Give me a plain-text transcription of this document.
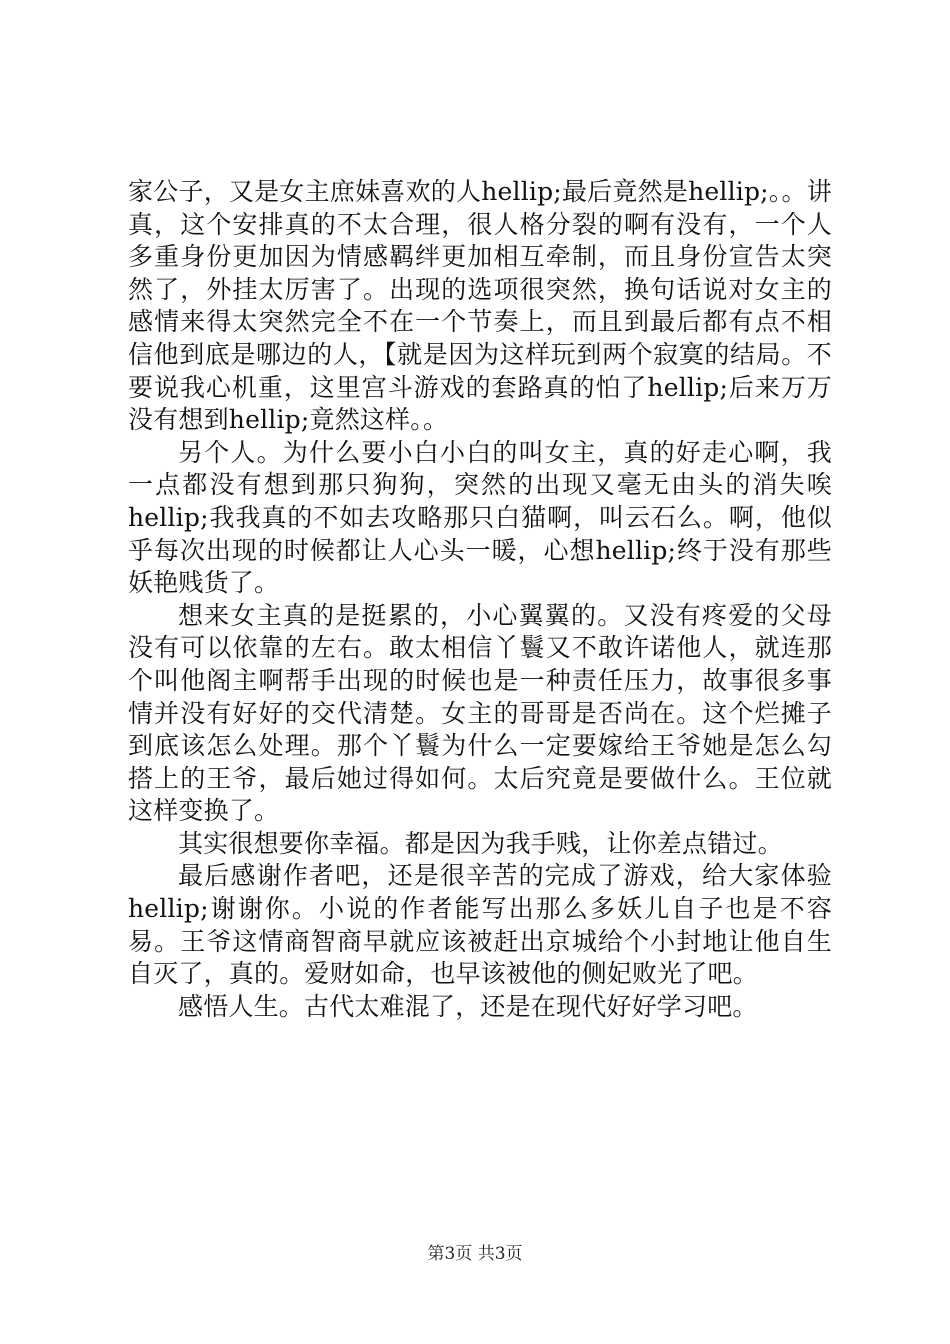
家公子，又是女主庶妹喜欢的人hellip;最后竟然是hellip;。。讲真，这个安排真的不太合理，很人格分裂的啊有没有，一个人多重身份更加因为情感羁绊更加相互牵制，而且身份宣告太突然了，外挂太厉害了。出现的选项很突然，换句话说对女主的感情来得太突然完全不在一个节奏上，而且到最后都有点不相信他到底是哪边的人，【就是因为这样玩到两个寂寞的结局。不要说我心机重，这里宫斗游戏的套路真的怕了hellip;后来万万没有想到hellip;竟然这样。。

另个人。为什么要小白小白的叫女主，真的好走心啊，我一点都没有想到那只狗狗，突然的出现又毫无由头的消失唉hellip;我我真的不如去攻略那只白猫啊，叫云石么。啊，他似乎每次出现的时候都让人心头一暖，心想hellip;终于没有那些妖艳贱货了。

想来女主真的是挺累的，小心翼翼的。又没有疼爱的父母没有可以依靠的左右。敢太相信丫鬟又不敢许诺他人，就连那个叫他阁主啊帮手出现的时候也是一种责任压力，故事很多事情并没有好好的交代清楚。女主的哥哥是否尚在。这个烂摊子到底该怎么处理。那个丫鬟为什么一定要嫁给王爷她是怎么勾搭上的王爷，最后她过得如何。太后究竟是要做什么。王位就这样变换了。

其实很想要你幸福。都是因为我手贱，让你差点错过。

最后感谢作者吧，还是很辛苦的完成了游戏，给大家体验hellip;谢谢你。小说的作者能写出那么多妖儿自子也是不容易。王爷这情商智商早就应该被赶出京城给个小封地让他自生自灭了，真的。爱财如命，也早该被他的侧妃败光了吧。

感悟人生。古代太难混了，还是在现代好好学习吧。

第3页 共3页
